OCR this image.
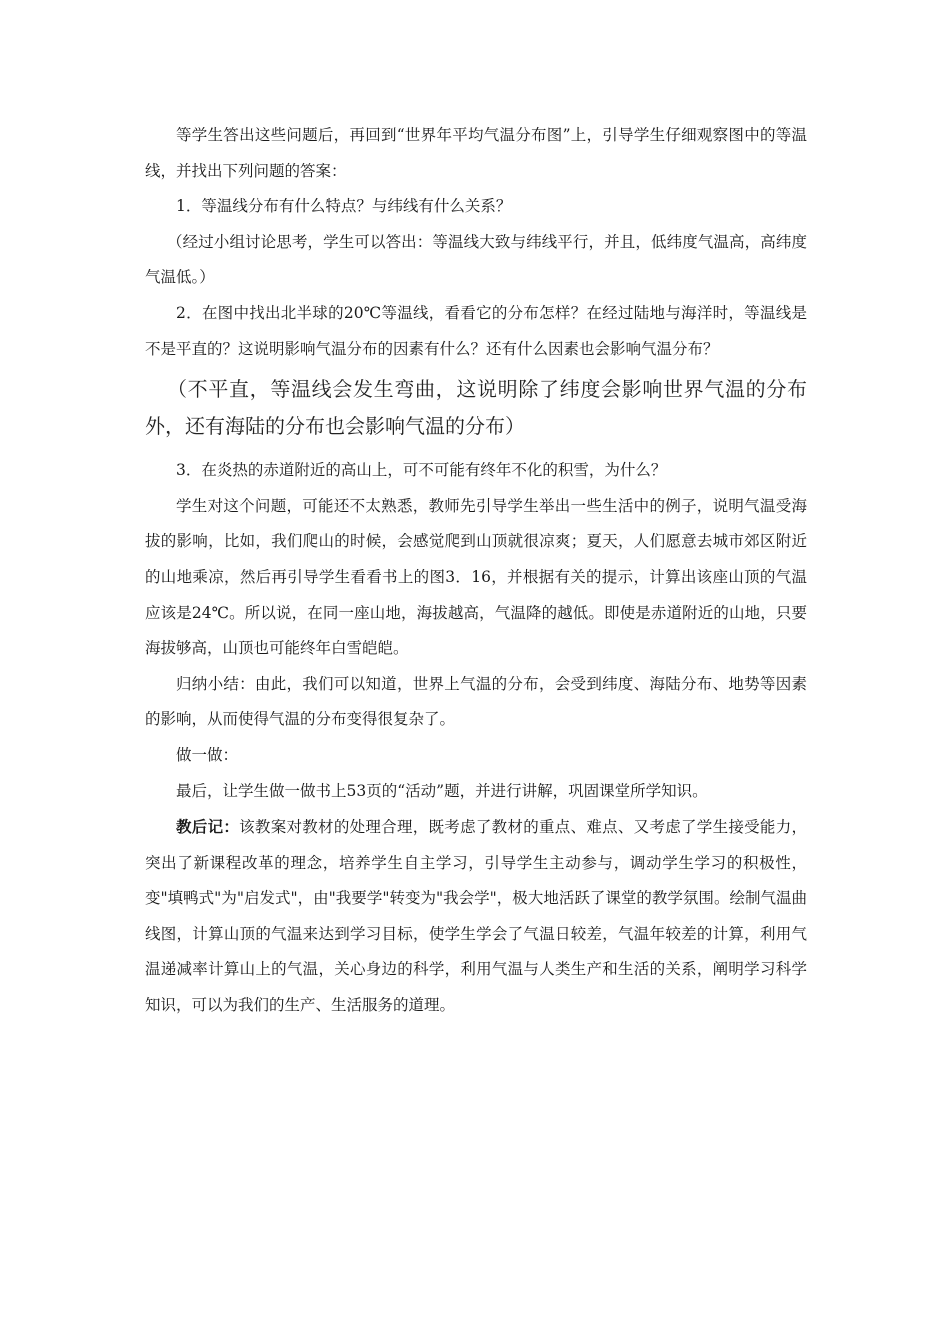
等学生答出这些问题后，再回到“世界年平均气温分布图”上，引导学生仔细观察图中的等温线，并找出下列问题的答案：

1．等温线分布有什么特点？与纬线有什么关系？

（经过小组讨论思考，学生可以答出：等温线大致与纬线平行，并且，低纬度气温高，高纬度气温低。）

2．在图中找出北半球的20℃等温线，看看它的分布怎样？在经过陆地与海洋时，等温线是不是平直的？这说明影响气温分布的因素有什么？还有什么因素也会影响气温分布？

（不平直，等温线会发生弯曲，这说明除了纬度会影响世界气温的分布外，还有海陆的分布也会影响气温的分布）

3．在炎热的赤道附近的高山上，可不可能有终年不化的积雪，为什么？

学生对这个问题，可能还不太熟悉，教师先引导学生举出一些生活中的例子，说明气温受海拔的影响，比如，我们爬山的时候，会感觉爬到山顶就很凉爽；夏天，人们愿意去城市郊区附近的山地乘凉，然后再引导学生看看书上的图3．16，并根据有关的提示，计算出该座山顶的气温应该是24℃。所以说，在同一座山地，海拔越高，气温降的越低。即使是赤道附近的山地，只要海拔够高，山顶也可能终年白雪皑皑。

归纳小结：由此，我们可以知道，世界上气温的分布，会受到纬度、海陆分布、地势等因素的影响，从而使得气温的分布变得很复杂了。

做一做：

最后，让学生做一做书上53页的“活动”题，并进行讲解，巩固课堂所学知识。

教后记：该教案对教材的处理合理，既考虑了教材的重点、难点、又考虑了学生接受能力，突出了新课程改革的理念，培养学生自主学习，引导学生主动参与，调动学生学习的积极性，变"填鸭式"为"启发式"，由"我要学"转变为"我会学"，极大地活跃了课堂的教学氛围。绘制气温曲线图，计算山顶的气温来达到学习目标，使学生学会了气温日较差，气温年较差的计算，利用气温递减率计算山上的气温，关心身边的科学，利用气温与人类生产和生活的关系，阐明学习科学知识，可以为我们的生产、生活服务的道理。
